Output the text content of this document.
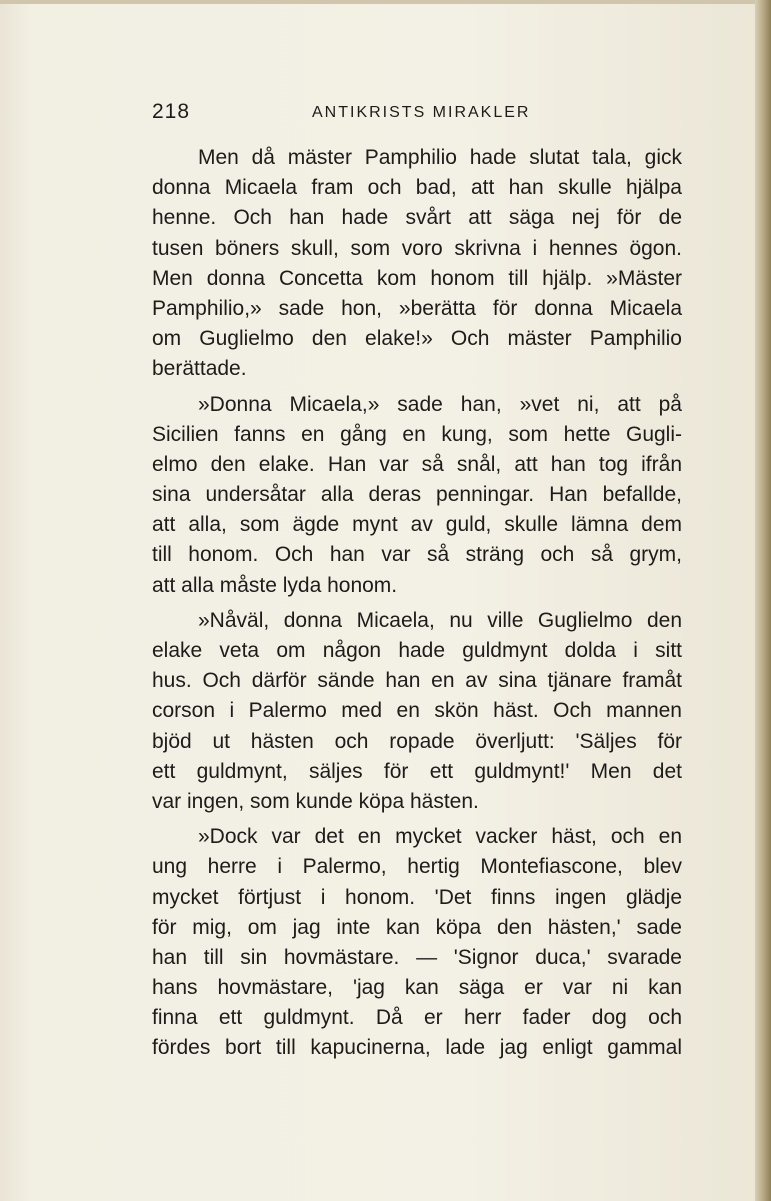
218	ANTIKRISTS MIRAKLER
Men då mäster Pamphilio hade slutat tala, gick
donna Micaela fram och bad, att han skulle hjälpa
henne. Och han hade svårt att säga nej för de
tusen böners skull, som voro skrivna i hennes ögon.
Men donna Concetta kom honom till hjälp. »Mäster
Pamphilio,» sade hon, »berätta för donna Micaela
om Guglielmo den elake!» Och mäster Pamphilio
berättade.
»Donna Micaela,» sade han, »vet ni, att på
Sicilien fanns en gång en kung, som hette Gugli-
elmo den elake. Han var så snål, att han tog ifrån
sina undersåtar alla deras penningar. Han befallde,
att alla, som ägde mynt av guld, skulle lämna dem
till honom. Och han var så sträng och så grym,
att alla måste lyda honom.
»Nåväl, donna Micaela, nu ville Guglielmo den
elake veta om någon hade guldmynt dolda i sitt
hus. Och därför sände han en av sina tjänare framåt
corson i Palermo med en skön häst. Och mannen
bjöd ut hästen och ropade överljutt: 'Säljes för
ett guldmynt, säljes för ett guldmynt!' Men det
var ingen, som kunde köpa hästen.
»Dock var det en mycket vacker häst, och en
ung herre i Palermo, hertig Montefiascone, blev
mycket förtjust i honom. 'Det finns ingen glädje
för mig, om jag inte kan köpa den hästen,' sade
han till sin hovmästare. — 'Signor duca,' svarade
hans hovmästare, 'jag kan säga er var ni kan
finna ett guldmynt. Då er herr fader dog och
fördes bort till kapucinerna, lade jag enligt gammal
